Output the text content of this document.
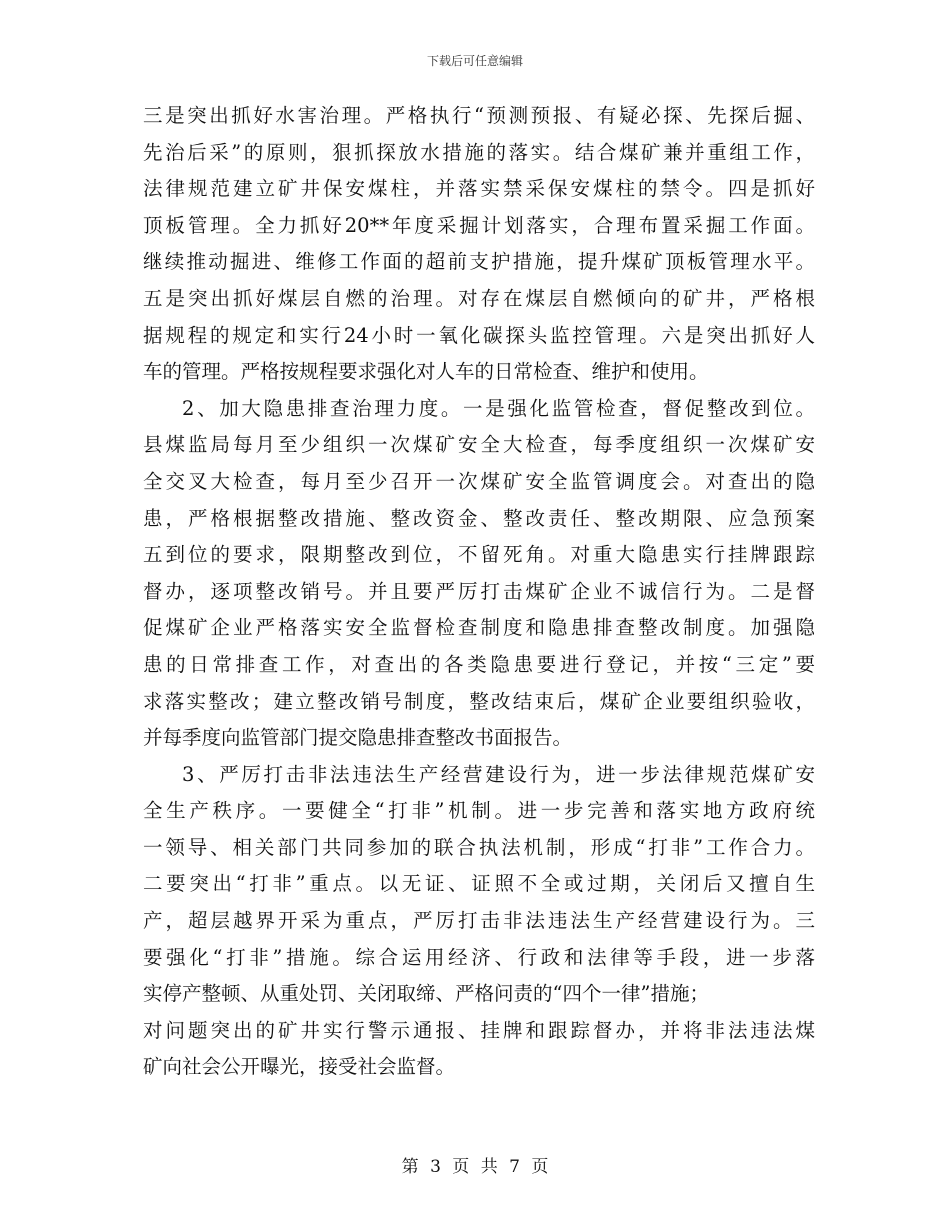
下载后可任意编辑
三是突出抓好水害治理。严格执行“预测预报、有疑必探、先探后掘、
先治后采”的原则，狠抓探放水措施的落实。结合煤矿兼并重组工作，
法律规范建立矿井保安煤柱，并落实禁采保安煤柱的禁令。四是抓好
顶板管理。全力抓好20**年度采掘计划落实，合理布置采掘工作面。
继续推动掘进、维修工作面的超前支护措施，提升煤矿顶板管理水平。
五是突出抓好煤层自燃的治理。对存在煤层自燃倾向的矿井，严格根
据规程的规定和实行24小时一氧化碳探头监控管理。六是突出抓好人
车的管理。严格按规程要求强化对人车的日常检查、维护和使用。
2、加大隐患排查治理力度。一是强化监管检查，督促整改到位。
县煤监局每月至少组织一次煤矿安全大检查，每季度组织一次煤矿安
全交叉大检查，每月至少召开一次煤矿安全监管调度会。对查出的隐
患，严格根据整改措施、整改资金、整改责任、整改期限、应急预案
五到位的要求，限期整改到位，不留死角。对重大隐患实行挂牌跟踪
督办，逐项整改销号。并且要严厉打击煤矿企业不诚信行为。二是督
促煤矿企业严格落实安全监督检查制度和隐患排查整改制度。加强隐
患的日常排查工作，对查出的各类隐患要进行登记，并按“三定”要
求落实整改；建立整改销号制度，整改结束后，煤矿企业要组织验收，
并每季度向监管部门提交隐患排查整改书面报告。
3、严厉打击非法违法生产经营建设行为，进一步法律规范煤矿安
全生产秩序。一要健全“打非”机制。进一步完善和落实地方政府统
一领导、相关部门共同参加的联合执法机制，形成“打非”工作合力。
二要突出“打非”重点。以无证、证照不全或过期，关闭后又擅自生
产，超层越界开采为重点，严厉打击非法违法生产经营建设行为。三
要强化“打非”措施。综合运用经济、行政和法律等手段，进一步落
实停产整顿、从重处罚、关闭取缔、严格问责的“四个一律”措施；
对问题突出的矿井实行警示通报、挂牌和跟踪督办，并将非法违法煤
矿向社会公开曝光，接受社会监督。
第 3 页 共 7 页
